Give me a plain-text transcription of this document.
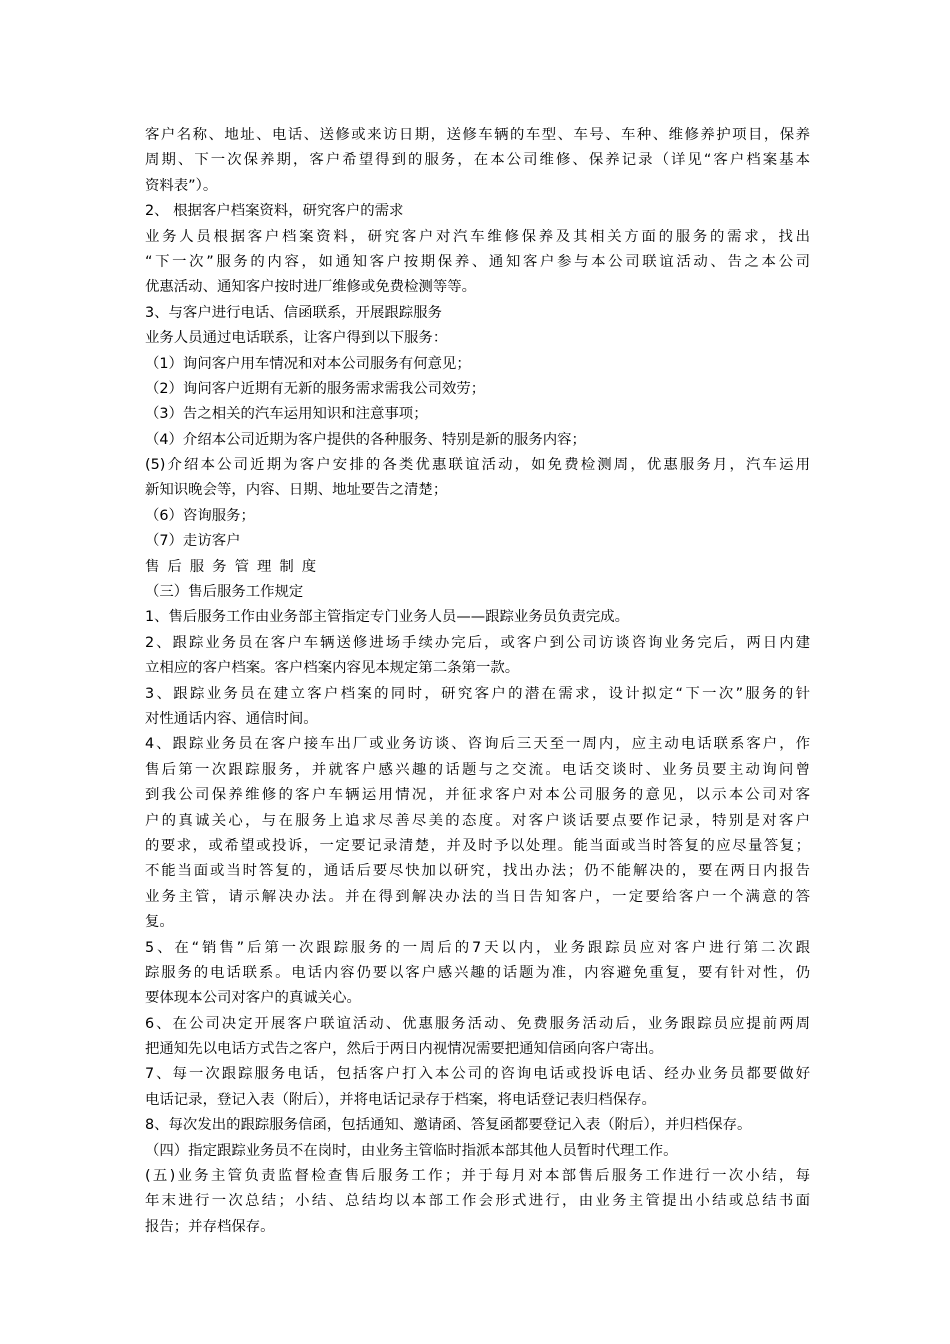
客户名称、地址、电话、送修或来访日期，送修车辆的车型、车号、车种、维修养护项目，保养
周期、下一次保养期，客户希望得到的服务，在本公司维修、保养记录（详见“客户档案基本
资料表”）。
2、 根据客户档案资料，研究客户的需求
业务人员根据客户档案资料，研究客户对汽车维修保养及其相关方面的服务的需求，找出
“下一次”服务的内容，如通知客户按期保养、通知客户参与本公司联谊活动、告之本公司
优惠活动、通知客户按时进厂维修或免费检测等等。
3、与客户进行电话、信函联系，开展跟踪服务
业务人员通过电话联系，让客户得到以下服务：
（1）询问客户用车情况和对本公司服务有何意见；
（2）询问客户近期有无新的服务需求需我公司效劳；
（3）告之相关的汽车运用知识和注意事项；
（4）介绍本公司近期为客户提供的各种服务、特别是新的服务内容；
(5)介绍本公司近期为客户安排的各类优惠联谊活动，如免费检测周，优惠服务月，汽车运用
新知识晚会等，内容、日期、地址要告之清楚；
（6）咨询服务；
（7）走访客户
售后服务管理制度
（三）售后服务工作规定
1、售后服务工作由业务部主管指定专门业务人员——跟踪业务员负责完成。
2、跟踪业务员在客户车辆送修进场手续办完后，或客户到公司访谈咨询业务完后，两日内建
立相应的客户档案。客户档案内容见本规定第二条第一款。
3、跟踪业务员在建立客户档案的同时，研究客户的潜在需求，设计拟定“下一次”服务的针
对性通话内容、通信时间。
4、跟踪业务员在客户接车出厂或业务访谈、咨询后三天至一周内，应主动电话联系客户，作
售后第一次跟踪服务，并就客户感兴趣的话题与之交流。电话交谈时、业务员要主动询问曾
到我公司保养维修的客户车辆运用情况，并征求客户对本公司服务的意见，以示本公司对客
户的真诚关心，与在服务上追求尽善尽美的态度。对客户谈话要点要作记录，特别是对客户
的要求，或希望或投诉，一定要记录清楚，并及时予以处理。能当面或当时答复的应尽量答复；
不能当面或当时答复的，通话后要尽快加以研究，找出办法；仍不能解决的，要在两日内报告
业务主管，请示解决办法。并在得到解决办法的当日告知客户，一定要给客户一个满意的答
复。
5、在“销售”后第一次跟踪服务的一周后的7天以内，业务跟踪员应对客户进行第二次跟
踪服务的电话联系。电话内容仍要以客户感兴趣的话题为准，内容避免重复，要有针对性，仍
要体现本公司对客户的真诚关心。
6、在公司决定开展客户联谊活动、优惠服务活动、免费服务活动后，业务跟踪员应提前两周
把通知先以电话方式告之客户，然后于两日内视情况需要把通知信函向客户寄出。
7、每一次跟踪服务电话，包括客户打入本公司的咨询电话或投诉电话、经办业务员都要做好
电话记录，登记入表（附后），并将电话记录存于档案，将电话登记表归档保存。
8、每次发出的跟踪服务信函，包括通知、邀请函、答复函都要登记入表（附后），并归档保存。
（四）指定跟踪业务员不在岗时，由业务主管临时指派本部其他人员暂时代理工作。
(五)业务主管负责监督检查售后服务工作；并于每月对本部售后服务工作进行一次小结，每
年末进行一次总结；小结、总结均以本部工作会形式进行，由业务主管提出小结或总结书面
报告；并存档保存。
